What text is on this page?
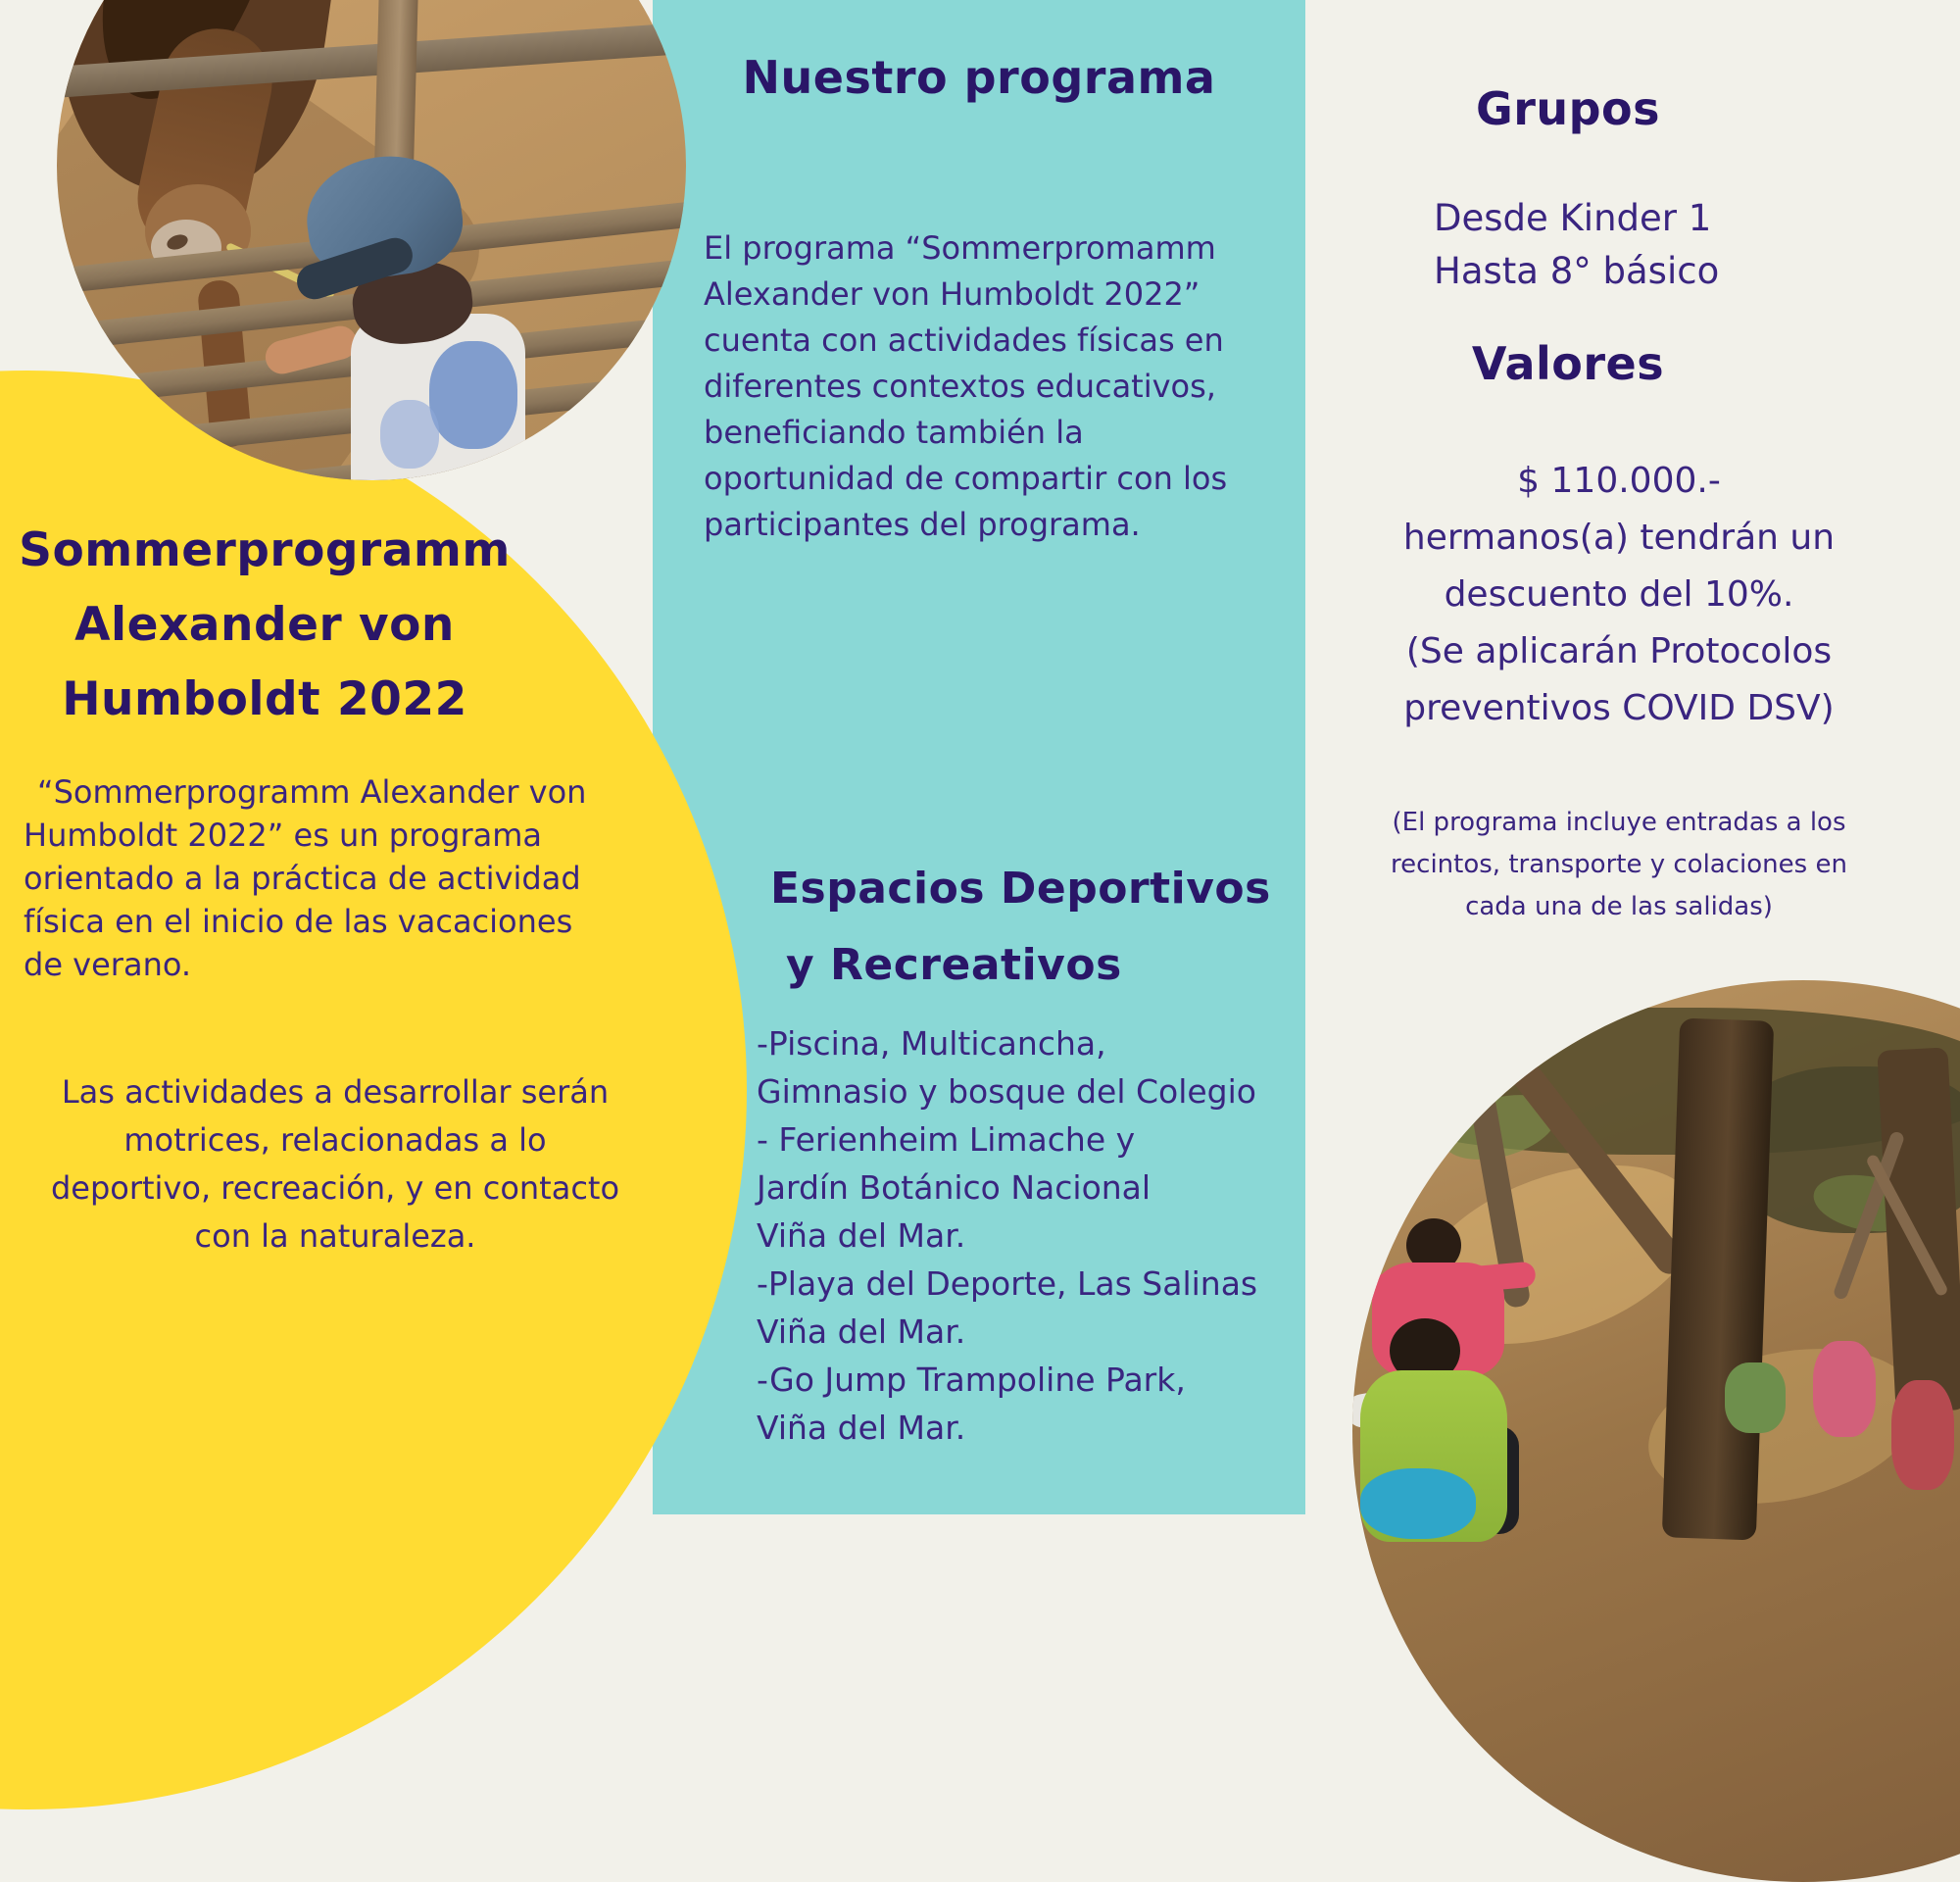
Sommerprogramm
Alexander von
Humboldt 2022
“Sommerprogramm Alexander von
Humboldt 2022” es un programa
orientado a la práctica de actividad
física en el inicio de las vacaciones
de verano.
Las actividades a desarrollar serán
motrices, relacionadas a lo
deportivo, recreación, y en contacto
con la naturaleza.
Nuestro programa
El programa “Sommerpromamm
Alexander von Humboldt 2022”
cuenta con actividades físicas en
diferentes contextos educativos,
beneficiando también la
oportunidad de compartir con los
participantes del programa.
Espacios Deportivos
y Recreativos
-Piscina, Multicancha,
Gimnasio y bosque del Colegio
- Ferienheim Limache y
Jardín Botánico Nacional
Viña del Mar.
-Playa del Deporte, Las Salinas
Viña del Mar.
-Go Jump Trampoline Park,
Viña del Mar.
Grupos
Desde Kinder 1
Hasta 8° básico
Valores
$ 110.000.-
hermanos(a) tendrán un
descuento del 10%.
(Se aplicarán Protocolos
preventivos COVID DSV)
(El programa incluye entradas a los
recintos, transporte y colaciones en
cada una de las salidas)
